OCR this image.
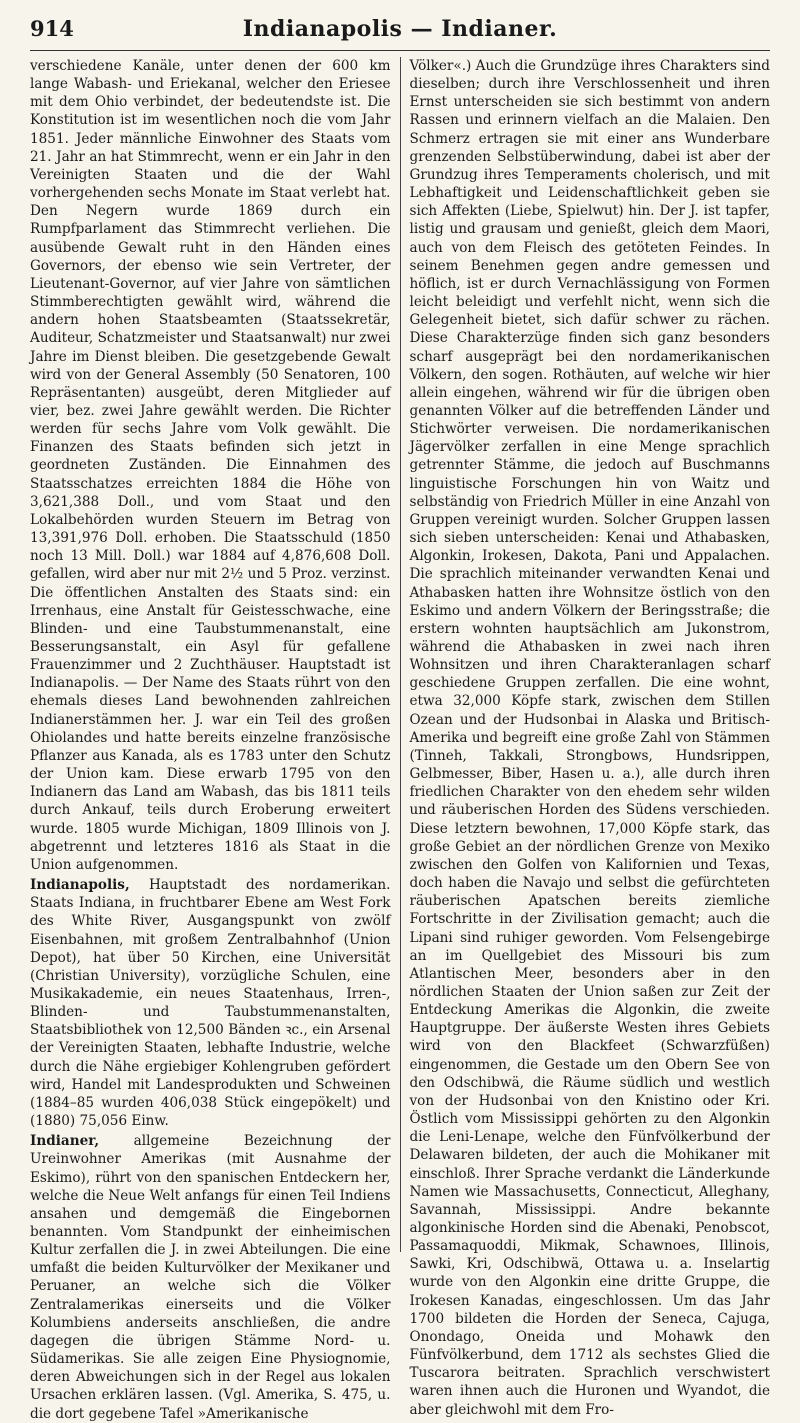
914	Indianapolis — Indianer.

verschiedene Kanäle, unter denen der 600 km lange Wabash- und Eriekanal, welcher den Eriesee mit dem Ohio verbindet, der bedeutendste ist. Die Konstitution ist im wesentlichen noch die vom Jahr 1851. Jeder männliche Einwohner des Staats vom 21. Jahr an hat Stimmrecht, wenn er ein Jahr in den Vereinigten Staaten und die der Wahl vorhergehenden sechs Monate im Staat verlebt hat. Den Negern wurde 1869 durch ein Rumpfparlament das Stimmrecht verliehen. Die ausübende Gewalt ruht in den Händen eines Governors, der ebenso wie sein Vertreter, der Lieutenant-Governor, auf vier Jahre von sämtlichen Stimmberechtigten gewählt wird, während die andern hohen Staatsbeamten (Staatssekretär, Auditeur, Schatzmeister und Staatsanwalt) nur zwei Jahre im Dienst bleiben. Die gesetzgebende Gewalt wird von der General Assembly (50 Senatoren, 100 Repräsentanten) ausgeübt, deren Mitglieder auf vier, bez. zwei Jahre gewählt werden. Die Richter werden für sechs Jahre vom Volk gewählt. Die Finanzen des Staats befinden sich jetzt in geordneten Zuständen. Die Einnahmen des Staatsschatzes erreichten 1884 die Höhe von 3,621,388 Doll., und vom Staat und den Lokalbehörden wurden Steuern im Betrag von 13,391,976 Doll. erhoben. Die Staatsschuld (1850 noch 13 Mill. Doll.) war 1884 auf 4,876,608 Doll. gefallen, wird aber nur mit 2½ und 5 Proz. verzinst. Die öffentlichen Anstalten des Staats sind: ein Irrenhaus, eine Anstalt für Geistesschwache, eine Blinden- und eine Taubstummenanstalt, eine Besserungsanstalt, ein Asyl für gefallene Frauenzimmer und 2 Zuchthäuser. Hauptstadt ist Indianapolis. — Der Name des Staats rührt von den ehemals dieses Land bewohnenden zahlreichen Indianerstämmen her. J. war ein Teil des großen Ohiolandes und hatte bereits einzelne französische Pflanzer aus Kanada, als es 1783 unter den Schutz der Union kam. Diese erwarb 1795 von den Indianern das Land am Wabash, das bis 1811 teils durch Ankauf, teils durch Eroberung erweitert wurde. 1805 wurde Michigan, 1809 Illinois von J. abgetrennt und letzteres 1816 als Staat in die Union aufgenommen.

Indianapolis, Hauptstadt des nordamerikan. Staats Indiana, in fruchtbarer Ebene am West Fork des White River, Ausgangspunkt von zwölf Eisenbahnen, mit großem Zentralbahnhof (Union Depot), hat über 50 Kirchen, eine Universität (Christian University), vorzügliche Schulen, eine Musikakademie, ein neues Staatenhaus, Irren-, Blinden- und Taubstummenanstalten, Staatsbibliothek von 12,500 Bänden ꝛc., ein Arsenal der Vereinigten Staaten, lebhafte Industrie, welche durch die Nähe ergiebiger Kohlengruben gefördert wird, Handel mit Landesprodukten und Schweinen (1884–85 wurden 406,038 Stück eingepökelt) und (1880) 75,056 Einw.

Indianer, allgemeine Bezeichnung der Ureinwohner Amerikas (mit Ausnahme der Eskimo), rührt von den spanischen Entdeckern her, welche die Neue Welt anfangs für einen Teil Indiens ansahen und demgemäß die Eingebornen benannten. Vom Standpunkt der einheimischen Kultur zerfallen die J. in zwei Abteilungen. Die eine umfaßt die beiden Kulturvölker der Mexikaner und Peruaner, an welche sich die Völker Zentralamerikas einerseits und die Völker Kolumbiens anderseits anschließen, die andre dagegen die übrigen Stämme Nord- u. Südamerikas. Sie alle zeigen Eine Physiognomie, deren Abweichungen sich in der Regel aus lokalen Ursachen erklären lassen. (Vgl. Amerika, S. 475, u. die dort gegebene Tafel »Amerikanische

Völker«.) Auch die Grundzüge ihres Charakters sind dieselben; durch ihre Verschlossenheit und ihren Ernst unterscheiden sie sich bestimmt von andern Rassen und erinnern vielfach an die Malaien. Den Schmerz ertragen sie mit einer ans Wunderbare grenzenden Selbstüberwindung, dabei ist aber der Grundzug ihres Temperaments cholerisch, und mit Lebhaftigkeit und Leidenschaftlichkeit geben sie sich Affekten (Liebe, Spielwut) hin. Der J. ist tapfer, listig und grausam und genießt, gleich dem Maori, auch von dem Fleisch des getöteten Feindes. In seinem Benehmen gegen andre gemessen und höflich, ist er durch Vernachlässigung von Formen leicht beleidigt und verfehlt nicht, wenn sich die Gelegenheit bietet, sich dafür schwer zu rächen. Diese Charakterzüge finden sich ganz besonders scharf ausgeprägt bei den nordamerikanischen Völkern, den sogen. Rothäuten, auf welche wir hier allein eingehen, während wir für die übrigen oben genannten Völker auf die betreffenden Länder und Stichwörter verweisen. Die nordamerikanischen Jägervölker zerfallen in eine Menge sprachlich getrennter Stämme, die jedoch auf Buschmanns linguistische Forschungen hin von Waitz und selbständig von Friedrich Müller in eine Anzahl von Gruppen vereinigt wurden. Solcher Gruppen lassen sich sieben unterscheiden: Kenai und Athabasken, Algonkin, Irokesen, Dakota, Pani und Appalachen. Die sprachlich miteinander verwandten Kenai und Athabasken hatten ihre Wohnsitze östlich von den Eskimo und andern Völkern der Beringsstraße; die erstern wohnten hauptsächlich am Jukonstrom, während die Athabasken in zwei nach ihren Wohnsitzen und ihren Charakteranlagen scharf geschiedene Gruppen zerfallen. Die eine wohnt, etwa 32,000 Köpfe stark, zwischen dem Stillen Ozean und der Hudsonbai in Alaska und Britisch-Amerika und begreift eine große Zahl von Stämmen (Tinneh, Takkali, Strongbows, Hundsrippen, Gelbmesser, Biber, Hasen u. a.), alle durch ihren friedlichen Charakter von den ehedem sehr wilden und räuberischen Horden des Südens verschieden. Diese letztern bewohnen, 17,000 Köpfe stark, das große Gebiet an der nördlichen Grenze von Mexiko zwischen den Golfen von Kalifornien und Texas, doch haben die Navajo und selbst die gefürchteten räuberischen Apatschen bereits ziemliche Fortschritte in der Zivilisation gemacht; auch die Lipani sind ruhiger geworden. Vom Felsengebirge an im Quellgebiet des Missouri bis zum Atlantischen Meer, besonders aber in den nördlichen Staaten der Union saßen zur Zeit der Entdeckung Amerikas die Algonkin, die zweite Hauptgruppe. Der äußerste Westen ihres Gebiets wird von den Blackfeet (Schwarzfüßen) eingenommen, die Gestade um den Obern See von den Odschibwä, die Räume südlich und westlich von der Hudsonbai von den Knistino oder Kri. Östlich vom Mississippi gehörten zu den Algonkin die Leni-Lenape, welche den Fünfvölkerbund der Delawaren bildeten, der auch die Mohikaner mit einschloß. Ihrer Sprache verdankt die Länderkunde Namen wie Massachusetts, Connecticut, Alleghany, Savannah, Mississippi. Andre bekannte algonkinische Horden sind die Abenaki, Penobscot, Passamaquoddi, Mikmak, Schawnoes, Illinois, Sawki, Kri, Odschibwä, Ottawa u. a. Inselartig wurde von den Algonkin eine dritte Gruppe, die Irokesen Kanadas, eingeschlossen. Um das Jahr 1700 bildeten die Horden der Seneca, Cajuga, Onondago, Oneida und Mohawk den Fünfvölkerbund, dem 1712 als sechstes Glied die Tuscarora beitraten. Sprachlich verschwistert waren ihnen auch die Huronen und Wyandot, die aber gleichwohl mit dem Fro-
